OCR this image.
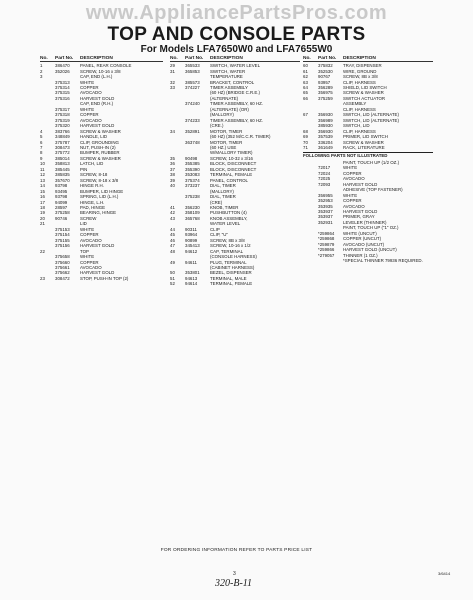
www.AppliancePartsPros.com
TOP AND CONSOLE PARTS
For Models LFA7650W0 and LFA7655W0
No.	Part No.	DESCRIPTION
1	386470	PANEL, REAR CONSOLE
2	352026	SCREW, 10-16 x 3/8
3	CAP, END (L.H.)
375313	WHITE
375314	COPPER
375315	AVOCADO
375316	HARVEST GOLD
CAP, END (R.H.)
375317	WHITE
375318	COPPER
375319	AVOCADO
375320	HARVEST GOLD
4	383766	SCREW & WASHER
5	348849	HANDLE, LID
6	375787	CLIP, GROUNDING
7	308473	NUT, PUSH-IN (2)
8	375772	BUMPER, RUBBER
9	385014	SCREW & WASHER
10	358813	LATCH, LID
11	385445	PIN
12	385835	SCREW, 8-18
13	357670	SCREW, 8-18 x 3/8
14	93798	HINGE R.H.
15	93495	BUMPER, LID HINGE
16	93798	SPRING, LID (L.H.)
17	94099	HINGE, L.H.
18	28597	PAD, HINGE
19	375258	BEARING, HINGE
20	90746	SCREW
21	LID
375153	WHITE
375154	COPPER
375155	AVOCADO
375156	HARVEST GOLD
22	TOP
375658	WHITE
375660	COPPER
375661	AVOCADO
375662	HARVEST GOLD
23	308472	STOP, PUSH-IN TOP (2)
No.	Part No.	DESCRIPTION
29	365533	SWITCH, WATER LEVEL
31	365853	SWITCH, WATER
TEMPERATURE
32	385573	BRACKET, CONTROL
33	374227	TIMER ASSEMBLY
(60 HZ) (BRIDGE C.R.E.)
(ALTERNATE)
374240	TIMER ASSEMBLY, 60 HZ.
(ALTERNATE) (OR)
(MALLORY)
374233	TIMER ASSEMBLY, 60 HZ.
(CRE.)
34	352891	MOTOR, TIMER
(60 HZ) (352 M/C.C.R. TIMER)
363748	MOTOR, TIMER
(60 HZ.) USE
W/MALLORY TIMER)
35	90498	SCREW, 10-32 x 3/16
36	355385	BLOCK, DISCONNECT
37	355390	BLOCK, DISCONNECT
38	353083	TERMINAL, FEMALE
39	375374	PANEL, CONTROL
40	373237	DIAL, TIMER
(MALLORY)
375238	DIAL, TIMER
(CRE)
41	356230	KNOB, TIMER
42	358109	PUSHBUTTON (4)
43	365768	KNOB ASSEMBLY,
WATER LEVEL
44	90311	CLIP
45	93964	CLIP, "U"
46	90899	SCREW, 8B x 3/8
47	345413	SCREW, 10-16 x 1/2
48	94612	CAP, TERMINAL
(CONSOLE HARNESS)
49	94611	PLUG, TERMINAL
(CABINET HARNESS)
50	353801	BEZEL, DISPENSER
51	94613	TERMINAL, MALE
52	94614	TERMINAL, FEMALE
No.	Part No.	DESCRIPTION
60	375832	TRAY, DISPENSER
61	352530	WIRE, GROUND
62	90767	SCREW, 8B x 3/8
63	93957	CLIP, HARNESS
64	356289	SHIELD, LID SWITCH
65	356975	SCREW & WASHER
66	375259	SWITCH ACTUATOR
ASSEMBLY
CLIP, HARNESS
67	356930	SWITCH, LID (ALTERNATE)
356989	SWITCH, LID (ALTERNATE)
385930	SWITCH, LID
68	356930	CLIP, HARNESS
69	357539	PRIMER, LID SWITCH
70	336204	SCREW & WASHER
71	361649	RACK, LITERATURE
FOLLOWING PARTS NOT ILLUSTRATED
PAINT, TOUCH UP (1/2 OZ.)
72017	WHITE
72024	COPPER
72025	AVOCADO
72093	HARVEST GOLD
ADHESIVE (TOP FASTENER)
356955	WHITE
352953	COPPER
353935	AVOCADO
353937	HARVEST GOLD
353937	PRIMER, GRAY
352931	LEVELER (THINNER)
PAINT, TOUCH UP ("1" OZ.)
*259864	WHITE (UNCUT)
*259868	COPPER (UNCUT)
*259879	AVOCADO (UNCUT)
*259866	HARVEST GOLD (UNCUT)
*279057	THINNER (1 OZ.)
*SPECIAL THINNER 79936 REQUIRED.
FOR ORDERING INFORMATION REFER TO PARTS PRICE LIST
3	3/6414
320-B-11
